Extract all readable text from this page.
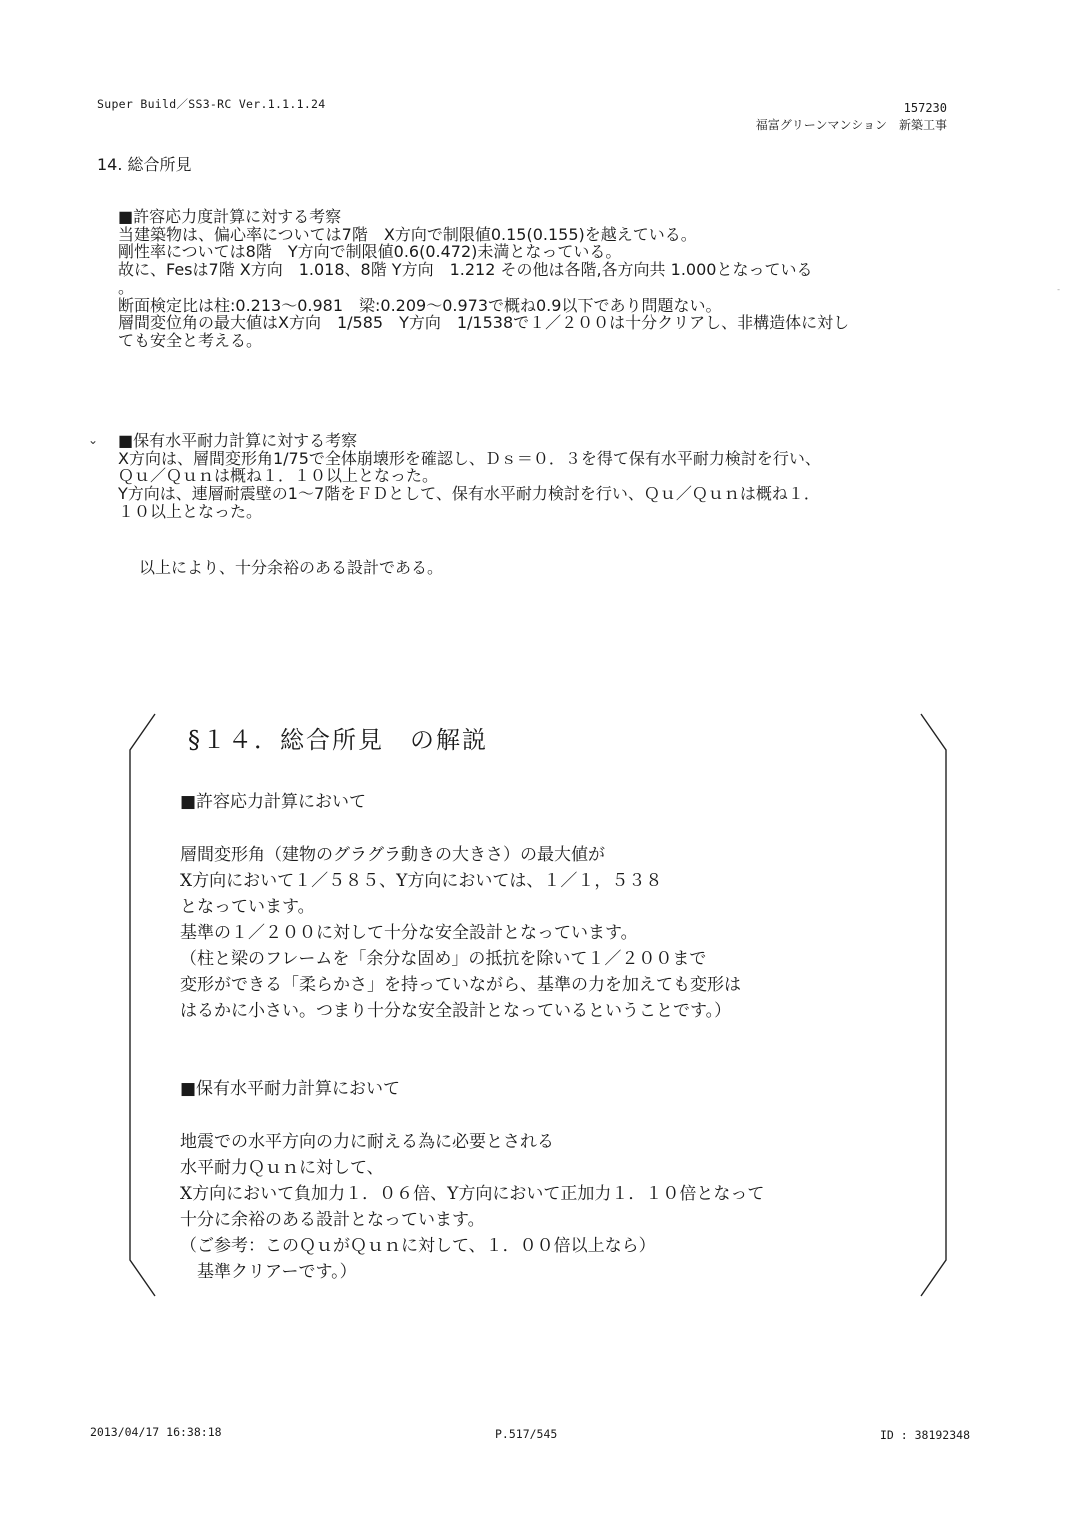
Super Build／SS3-RC Ver.1.1.1.24	157230
福富グリーンマンション　新築工事
14. 総合所見
■許容応力度計算に対する考察
当建築物は、偏心率については7階　X方向で制限値0.15(0.155)を越えている。
剛性率については8階　Y方向で制限値0.6(0.472)未満となっている。
故に、Fesは7階 X方向　1.018、8階 Y方向　1.212 その他は各階,各方向共 1.000となっている
。
断面検定比は柱:0.213～0.981　梁:0.209～0.973で概ね0.9以下であり問題ない。
層間変位角の最大値はX方向　1/585　Y方向　1/1538で１／２００は十分クリアし、非構造体に対し
ても安全と考える。
⌄ ■保有水平耐力計算に対する考察
X方向は、層間変形角1/75で全体崩壊形を確認し、Ｄｓ＝０．３を得て保有水平耐力検討を行い、
Ｑｕ／Ｑｕｎは概ね１．１０以上となった。
Y方向は、連層耐震壁の1～7階をＦＤとして、保有水平耐力検討を行い、Ｑｕ／Ｑｕｎは概ね１．
１０以上となった。
以上により、十分余裕のある設計である。
§１４．総合所見　の解説
■許容応力計算において
層間変形角（建物のグラグラ動きの大きさ）の最大値が
X方向において１／５８５、Y方向においては、１／１，５３８
となっています。
基準の１／２００に対して十分な安全設計となっています。
（柱と梁のフレームを「余分な固め」の抵抗を除いて１／２００まで
変形ができる「柔らかさ」を持っていながら、基準の力を加えても変形は
はるかに小さい。つまり十分な安全設計となっているということです。）
■保有水平耐力計算において
地震での水平方向の力に耐える為に必要とされる
水平耐力Ｑｕｎに対して、
X方向において負加力１．０６倍、Y方向において正加力１．１０倍となって
十分に余裕のある設計となっています。
（ご参考：このＱｕがＱｕｎに対して、１．００倍以上なら）
　基準クリアーです。）
-
2013/04/17 16:38:18	P.517/545	ID : 38192348
